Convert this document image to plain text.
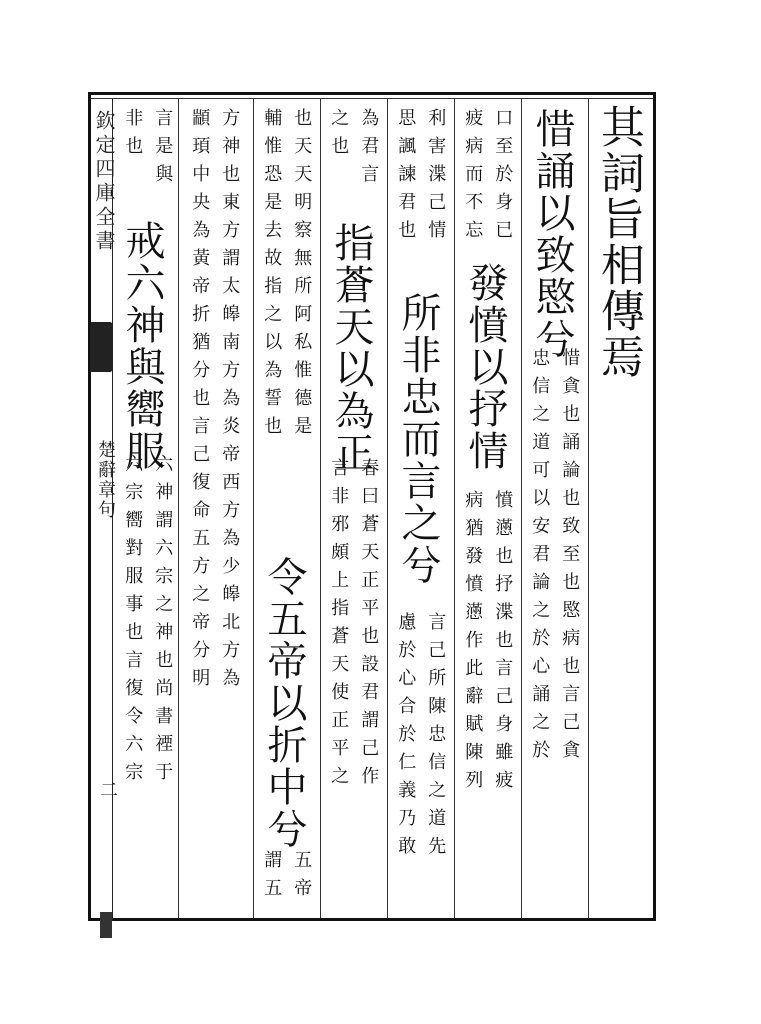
欽定四庫全書
楚辭章句
二
其詞旨相傳焉
惜誦以致愍兮
惜貪也誦論也致至也愍病也言己貪
忠信之道可以安君論之於心誦之於
口至於身已
疲病而不忘
發憤以抒情
憤懣也抒渫也言己身雖疲
病猶發憤懣作此辭賦陳列
利害渫己情
思諷諫君也
所非忠而言之兮
言己所陳忠信之道先
慮於心合於仁義乃敢
為君言
之也
指蒼天以為正
春曰蒼天正平也設君謂己作
言非邪頗上指蒼天使正平之
也天天明察無所阿私惟德是
輔惟恐是去故指之以為誓也
令五帝以折中兮
五帝
謂五
方神也東方謂太皞南方為炎帝西方為少皞北方為
顓頊中央為黃帝折猶分也言己復命五方之帝分明
言是與
非也
戒六神與嚮服
六神謂六宗之神也尚書禋于
六宗嚮對服事也言復令六宗
